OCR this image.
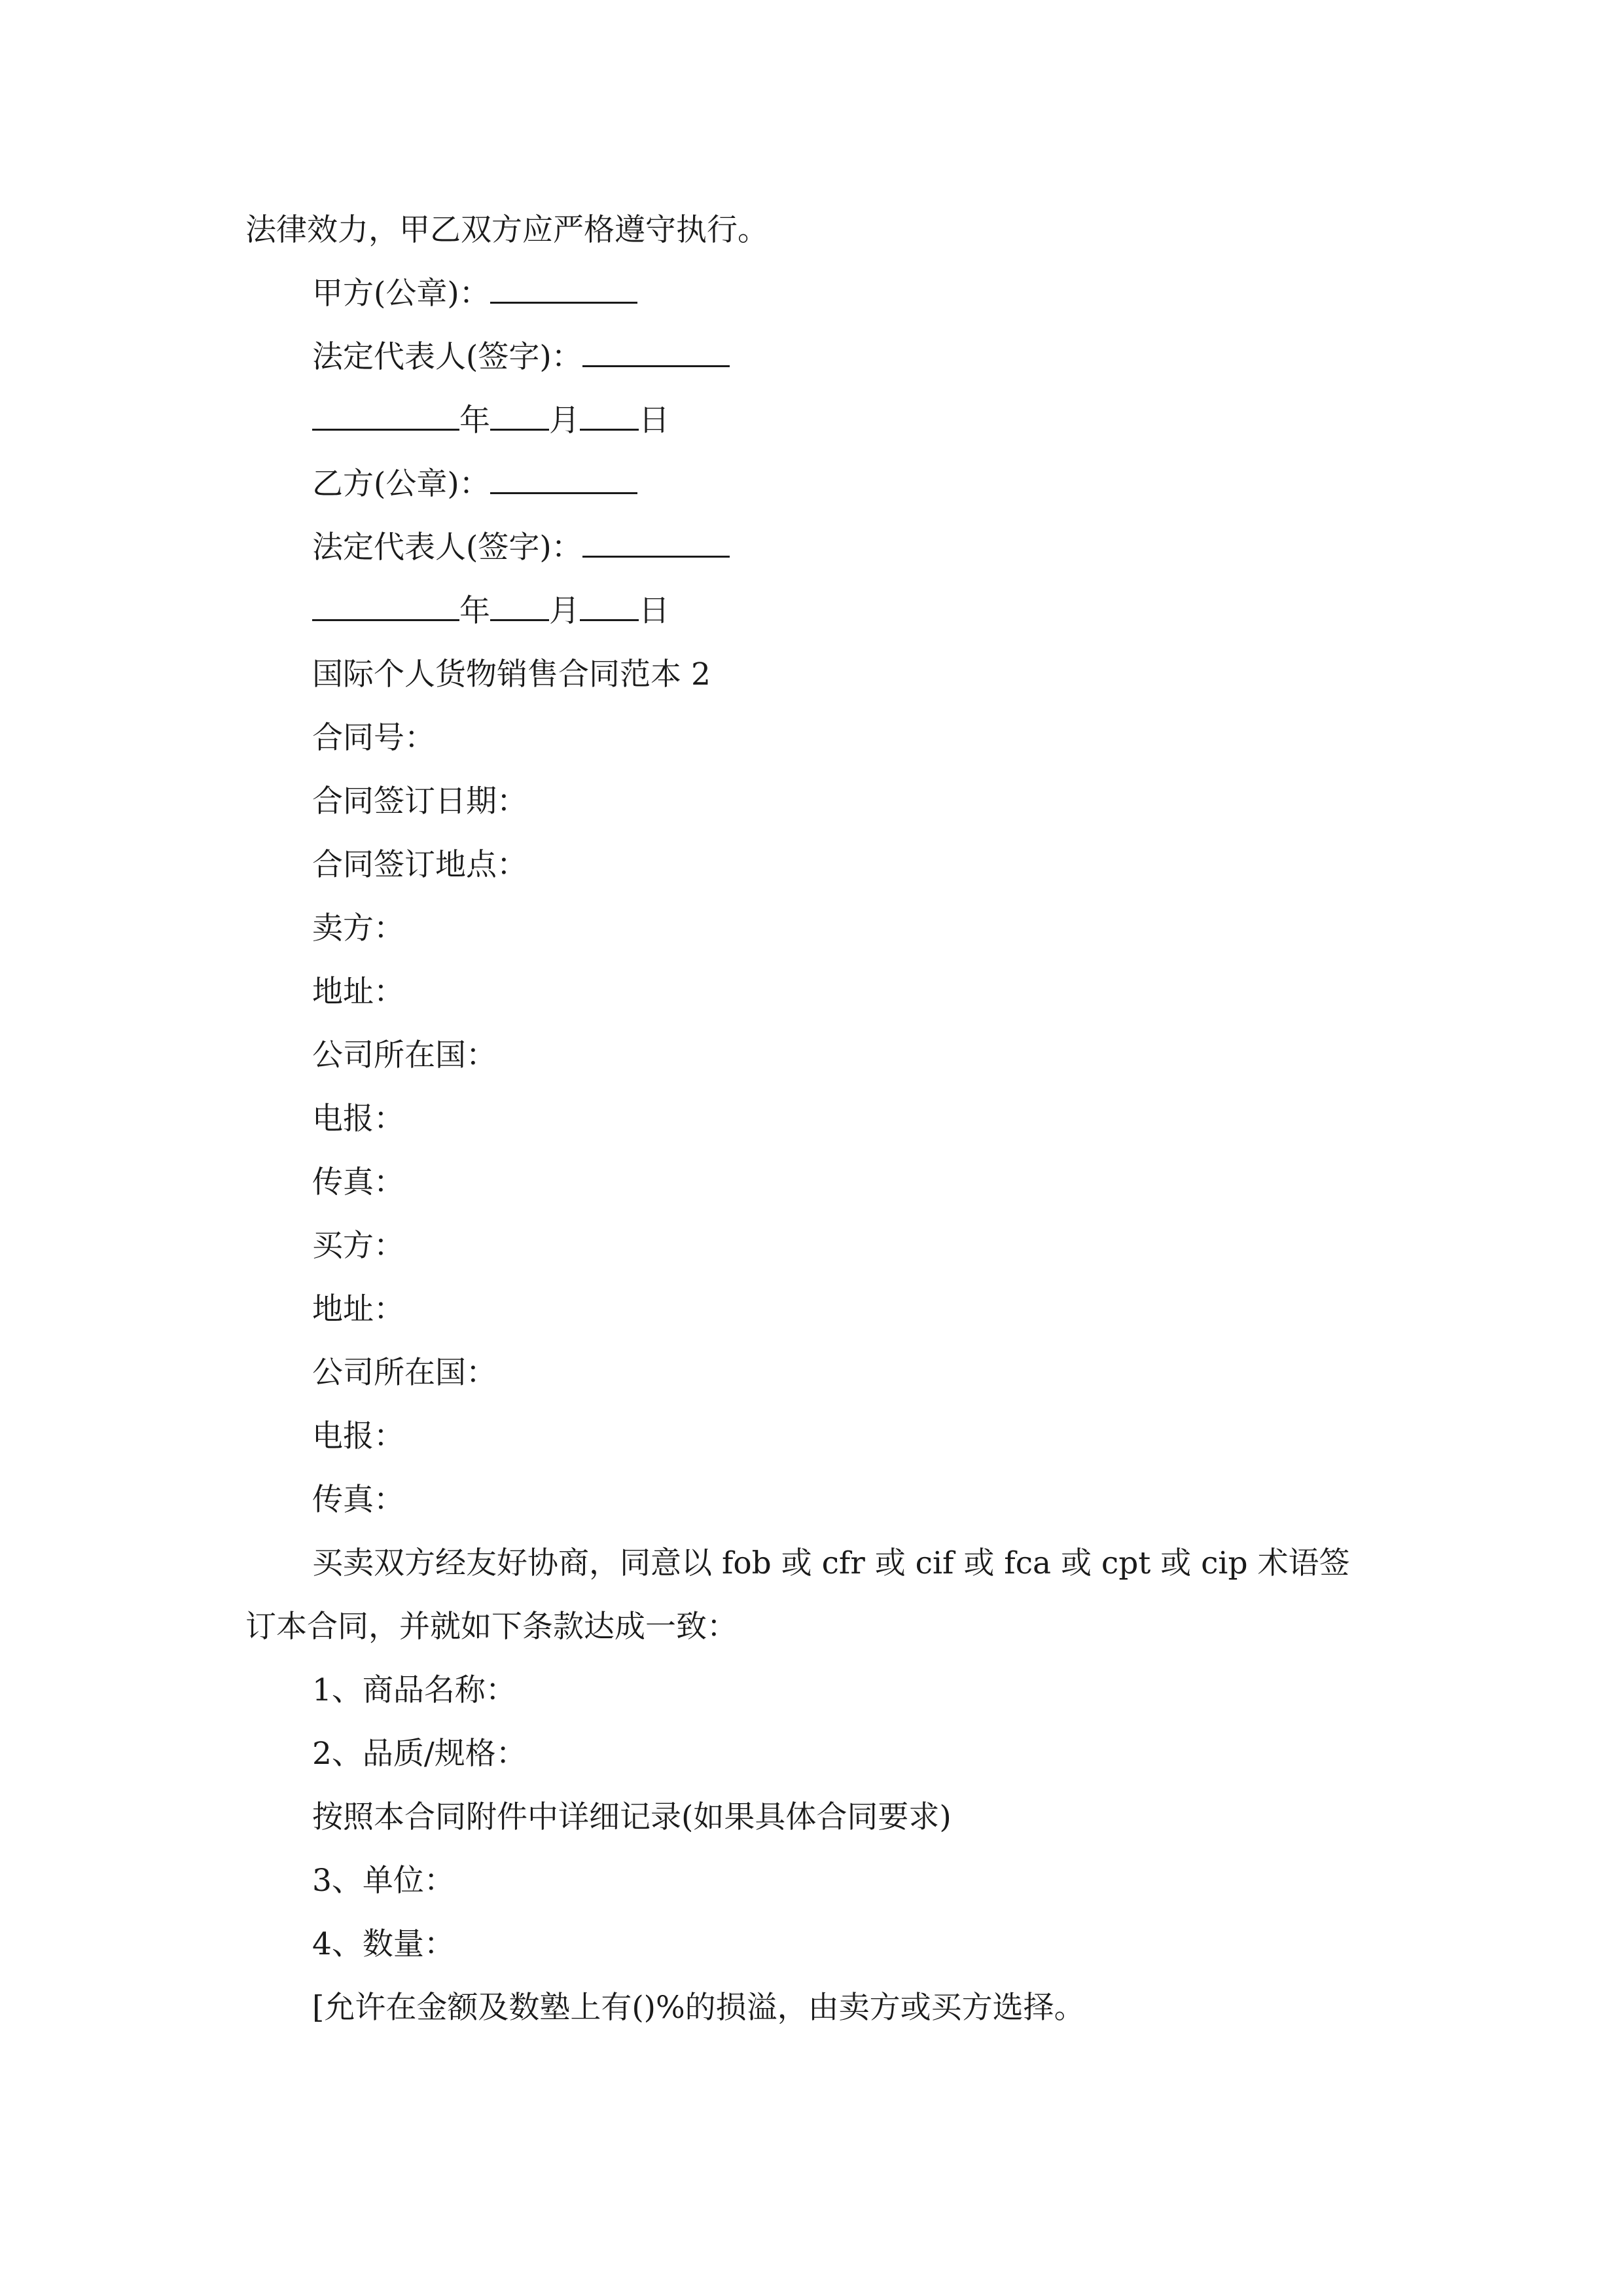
法律效力，甲乙双方应严格遵守执行。
甲方(公章)：
法定代表人(签字)：
年 月 日
乙方(公章)：
法定代表人(签字)：
年 月 日
国际个人货物销售合同范本 2
合同号：
合同签订日期：
合同签订地点：
卖方：
地址：
公司所在国：
电报：
传真：
买方：
地址：
公司所在国：
电报：
传真：
买卖双方经友好协商，同意以 fob 或 cfr 或 cif 或 fca 或 cpt 或 cip 术语签
订本合同，并就如下条款达成一致：
1、商品名称：
2、品质/规格：
按照本合同附件中详细记录(如果具体合同要求)
3、单位：
4、数量：
[允许在金额及数塾上有()%的损溢，由卖方或买方选择。
